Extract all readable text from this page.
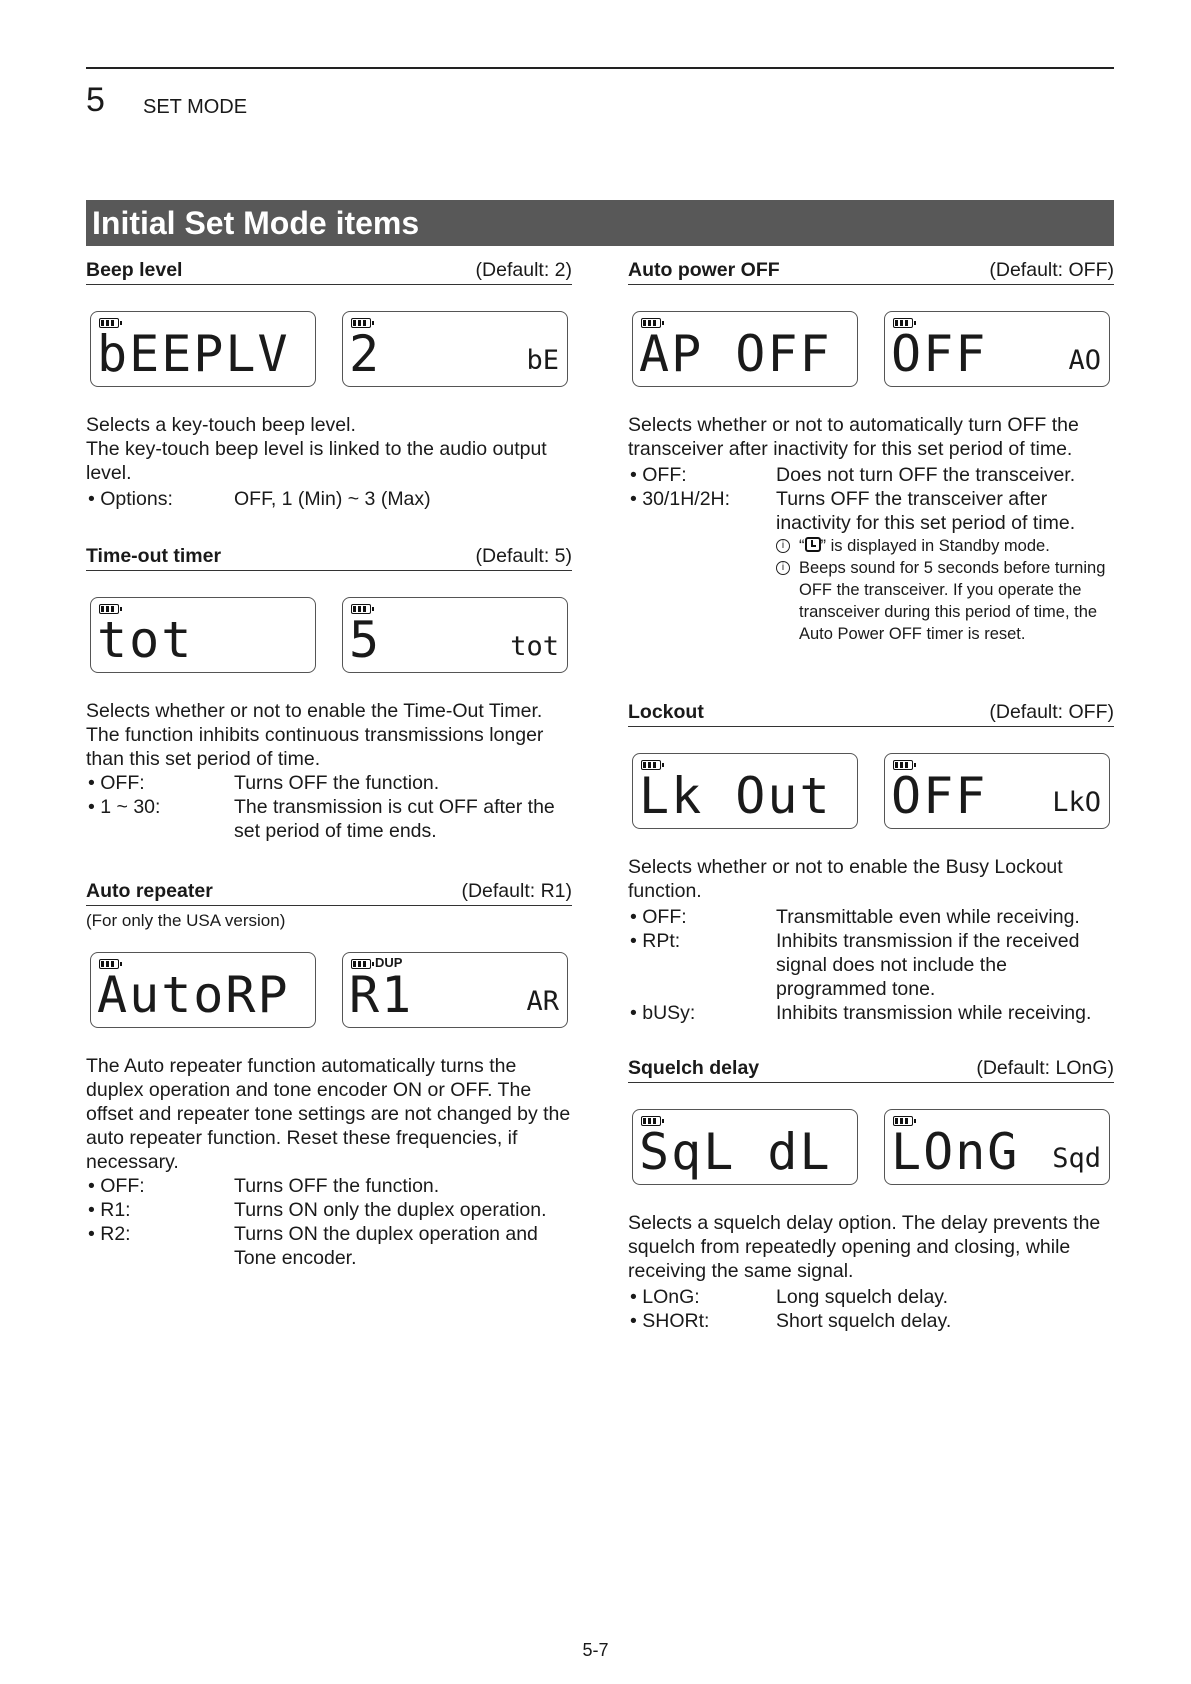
5 SET MODE
Initial Set Mode items
Beep level	(Default: 2)
bEEPLV 2	bE

Selects a key-touch beep level.

The key-touch beep level is linked to the audio output level.

• Options:	OFF, 1 (Min) ~ 3 (Max)
Time-out timer	(Default: 5)
tot	5	tot

Selects whether or not to enable the Time-Out Timer. The function inhibits continuous transmissions longer than this set period of time.

• OFF:	Turns OFF the function.
• 1 ~ 30:	The transmission is cut OFF after the set period of time ends.
Auto repeater	(Default: R1)
(For only the USA version)
AutoRP
DUP
R1	AR

The Auto repeater function automatically turns the duplex operation and tone encoder ON or OFF. The offset and repeater tone settings are not changed by the auto repeater function. Reset these frequencies, if necessary.

• OFF:	Turns OFF the function.
• R1:	Turns ON only the duplex operation.
• R2:	Turns ON the duplex operation and Tone encoder.
Auto power OFF	(Default: OFF)
AP OFF OFF	AO

Selects whether or not to automatically turn OFF the transceiver after inactivity for this set period of time.

• OFF:	Does not turn OFF the transceiver.
• 30/1H/2H: Turns OFF the transceiver after inactivity for this set period of time.
i “ ” is displayed in Standby mode.
i Beeps sound for 5 seconds before turning OFF the transceiver. If you operate the transceiver during this period of time, the Auto Power OFF timer is reset.
Lockout	(Default: OFF)
Lk Out OFF LkO

Selects whether or not to enable the Busy Lockout function.

• OFF:	Transmittable even while receiving.
• RPt:	Inhibits transmission if the received signal does not include the programmed tone.
• bUSy:	Inhibits transmission while receiving.
Squelch delay	(Default: LOnG)
SqL dL LOnG Sqd

Selects a squelch delay option. The delay prevents the squelch from repeatedly opening and closing, while receiving the same signal.

• LOnG:	Long squelch delay.
• SHORt:	Short squelch delay.
5-7
